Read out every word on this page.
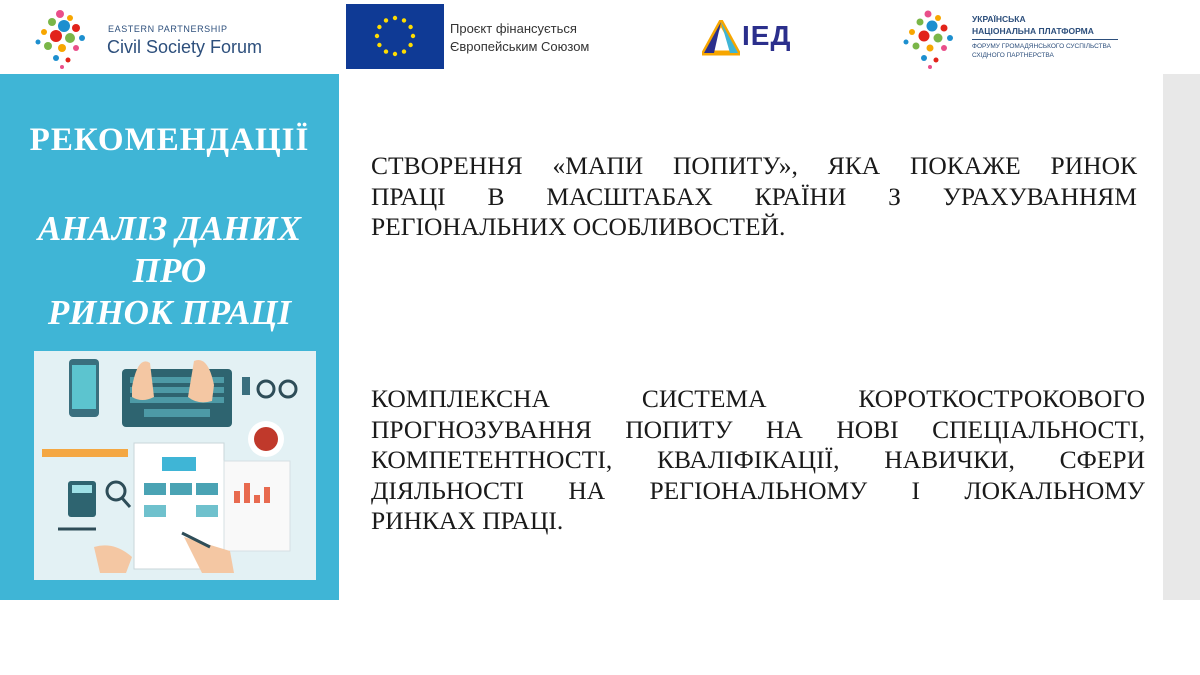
EASTERN PARTNERSHIP
Civil Society Forum
Проєкт фінансується
Європейським Союзом	ІЕД
УКРАЇНСЬКА
НАЦІОНАЛЬНА ПЛАТФОРМА
ФОРУМУ ГРОМАДЯНСЬКОГО СУСПІЛЬСТВА
СХІДНОГО ПАРТНЕРСТВА
РЕКОМЕНДАЦІЇ
АНАЛІЗ ДАНИХ
ПРО
РИНОК ПРАЦІ
СТВОРЕННЯ «МАПИ ПОПИТУ», ЯКА ПОКАЖЕ РИНОК
ПРАЦІ В МАСШТАБАХ КРАЇНИ З УРАХУВАННЯМ
РЕГІОНАЛЬНИХ ОСОБЛИВОСТЕЙ.
КОМПЛЕКСНА СИСТЕМА КОРОТКОСТРОКОВОГО
ПРОГНОЗУВАННЯ ПОПИТУ НА НОВІ СПЕЦІАЛЬНОСТІ,
КОМПЕТЕНТНОСТІ, КВАЛІФІКАЦІЇ, НАВИЧКИ, СФЕРИ
ДІЯЛЬНОСТІ НА РЕГІОНАЛЬНОМУ І ЛОКАЛЬНОМУ
РИНКАХ ПРАЦІ.
